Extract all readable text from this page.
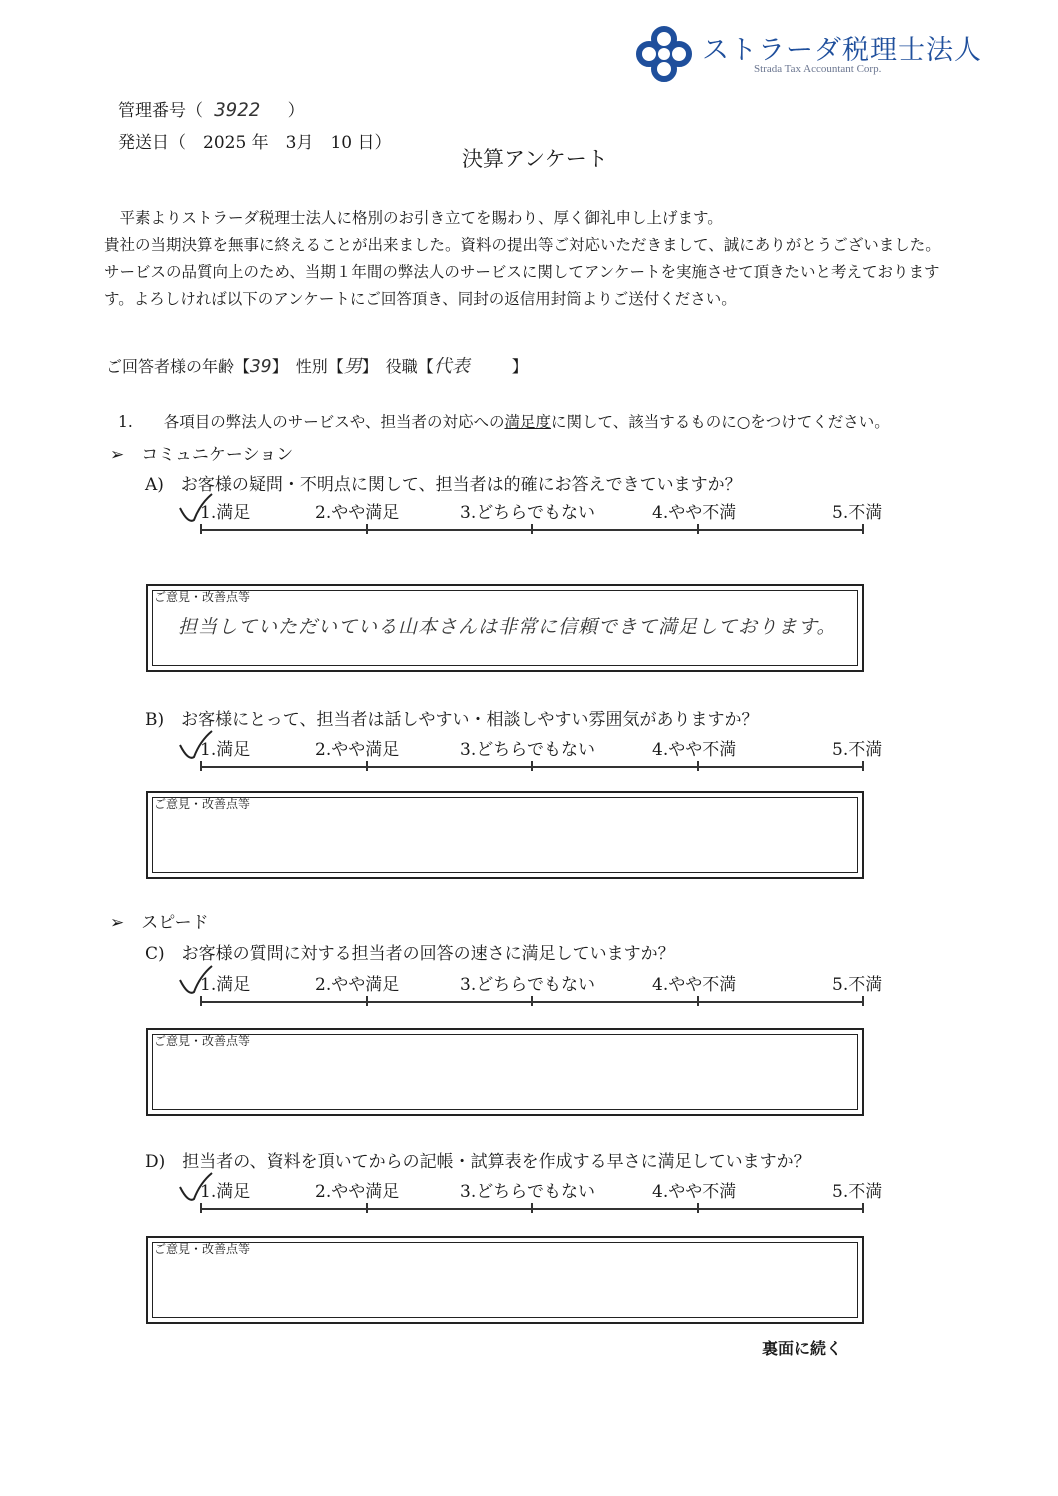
ストラーダ税理士法人
Strada Tax Accountant Corp.
管理番号（ 3922 ）
発送日（　2025 年　3月　10 日）
決算アンケート

　平素よりストラーダ税理士法人に格別のお引き立てを賜わり、厚く御礼申し上げます。

貴社の当期決算を無事に終えることが出来ました。資料の提出等ご対応いただきまして、誠にありがとうございました。

サービスの品質向上のため、当期１年間の弊法人のサービスに関してアンケートを実施させて頂きたいと考えております

す。よろしければ以下のアンケートにご回答頂き、同封の返信用封筒よりご送付ください。

ご回答者様の年齢【39】　性別【男】　役職【代表　】
1.　　各項目の弊法人のサービスや、担当者の対応への満足度に関して、該当するものに○をつけてください。
➢　コミュニケーション
A)　お客様の疑問・不明点に関して、担当者は的確にお答えできていますか？
1.満足	2.やや満足	3.どちらでもない	4.やや不満	5.不満
ご意見・改善点等
担当していただいている山本さんは非常に信頼できて満足しております。
B)　お客様にとって、担当者は話しやすい・相談しやすい雰囲気がありますか？
1.満足	2.やや満足	3.どちらでもない	4.やや不満	5.不満
ご意見・改善点等
➢　スピード
C)　お客様の質問に対する担当者の回答の速さに満足していますか？
1.満足	2.やや満足	3.どちらでもない	4.やや不満	5.不満
ご意見・改善点等
D)　担当者の、資料を頂いてからの記帳・試算表を作成する早さに満足していますか？
1.満足	2.やや満足	3.どちらでもない	4.やや不満	5.不満
ご意見・改善点等
裏面に続く
